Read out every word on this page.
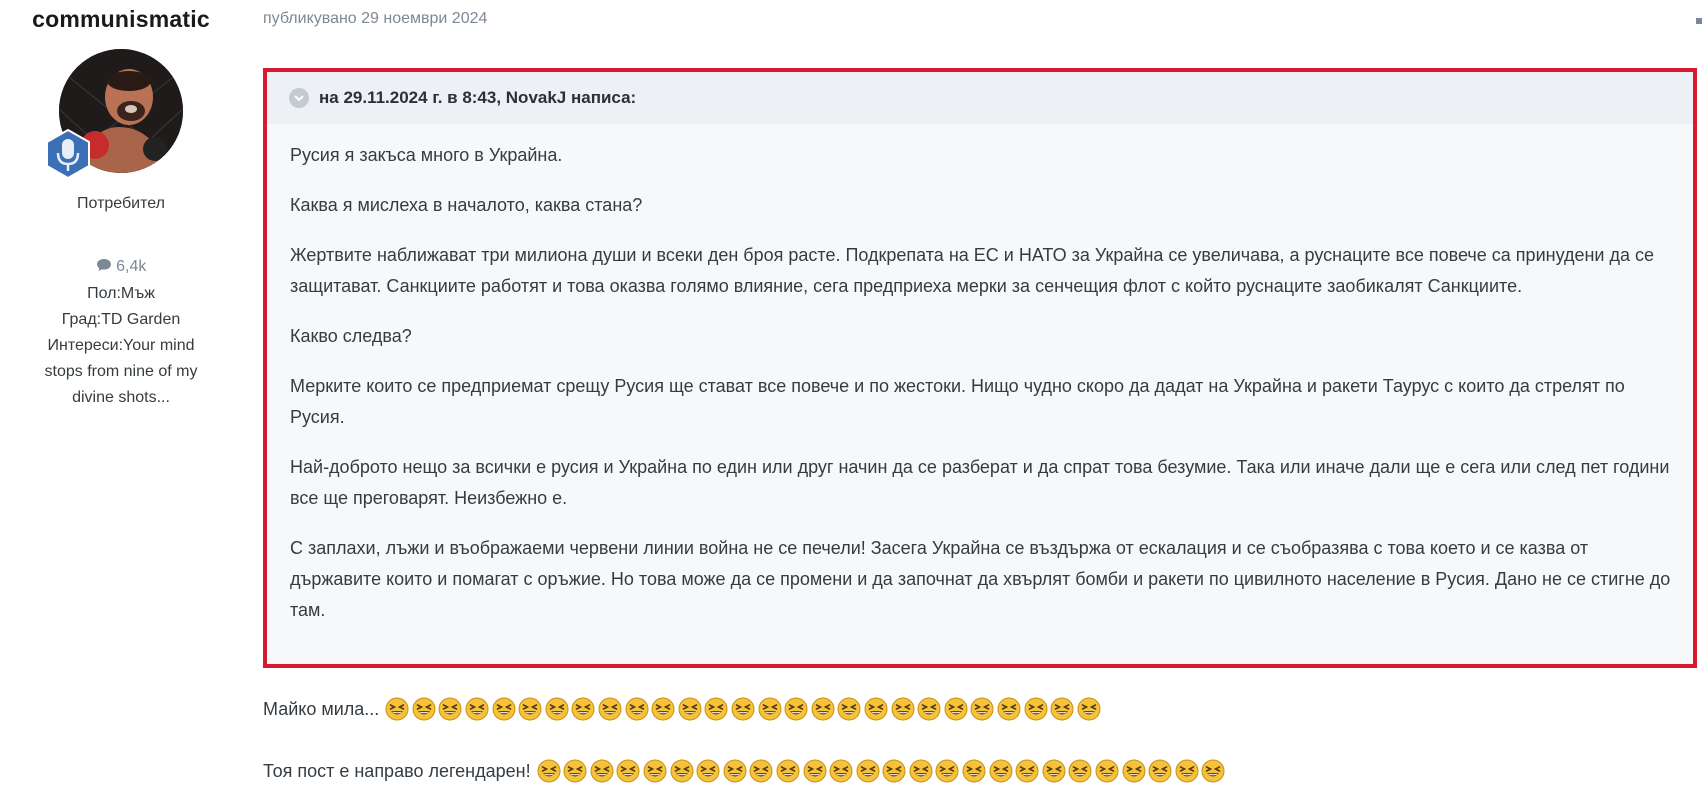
communismatic
Потребител
6,4k
Пол:Мъж
Град:TD Garden
Интереси:Your mind stops from nine of my divine shots...
публикувано 29 ноември 2024
на 29.11.2024 г. в 8:43, NovakJ написа:

Русия я закъса много в Украйна.

Каква я мислеха в началото, каква стана?

Жертвите наближават три милиона души и всеки ден броя расте. Подкрепата на ЕС и НАТО за Украйна се увеличава, а руснаците все повече са принудени да се защитават. Санкциите работят и това оказва голямо влияние, сега предприеха мерки за сенчещия флот с който руснаците заобикалят Санкциите.

Какво следва?

Мерките които се предприемат срещу Русия ще стават все повече и по жестоки. Нищо чудно скоро да дадат на Украйна и ракети Таурус с които да стрелят по Русия.

Най-доброто нещо за всички е русия и Украйна по един или друг начин да се разберат и да спрат това безумие. Така или иначе дали ще е сега или след пет години все ще преговарят. Неизбежно е.

С заплахи, лъжи и въображаеми червени линии война не се печели! Засега Украйна се въздържа от ескалация и се съобразява с това което и се казва от държавите които и помагат с оръжие. Но това може да се промени и да започнат да хвърлят бомби и ракети по цивилното население в Русия. Дано не се стигне до там.

Майко мила...
Тоя пост е направо легендарен!
